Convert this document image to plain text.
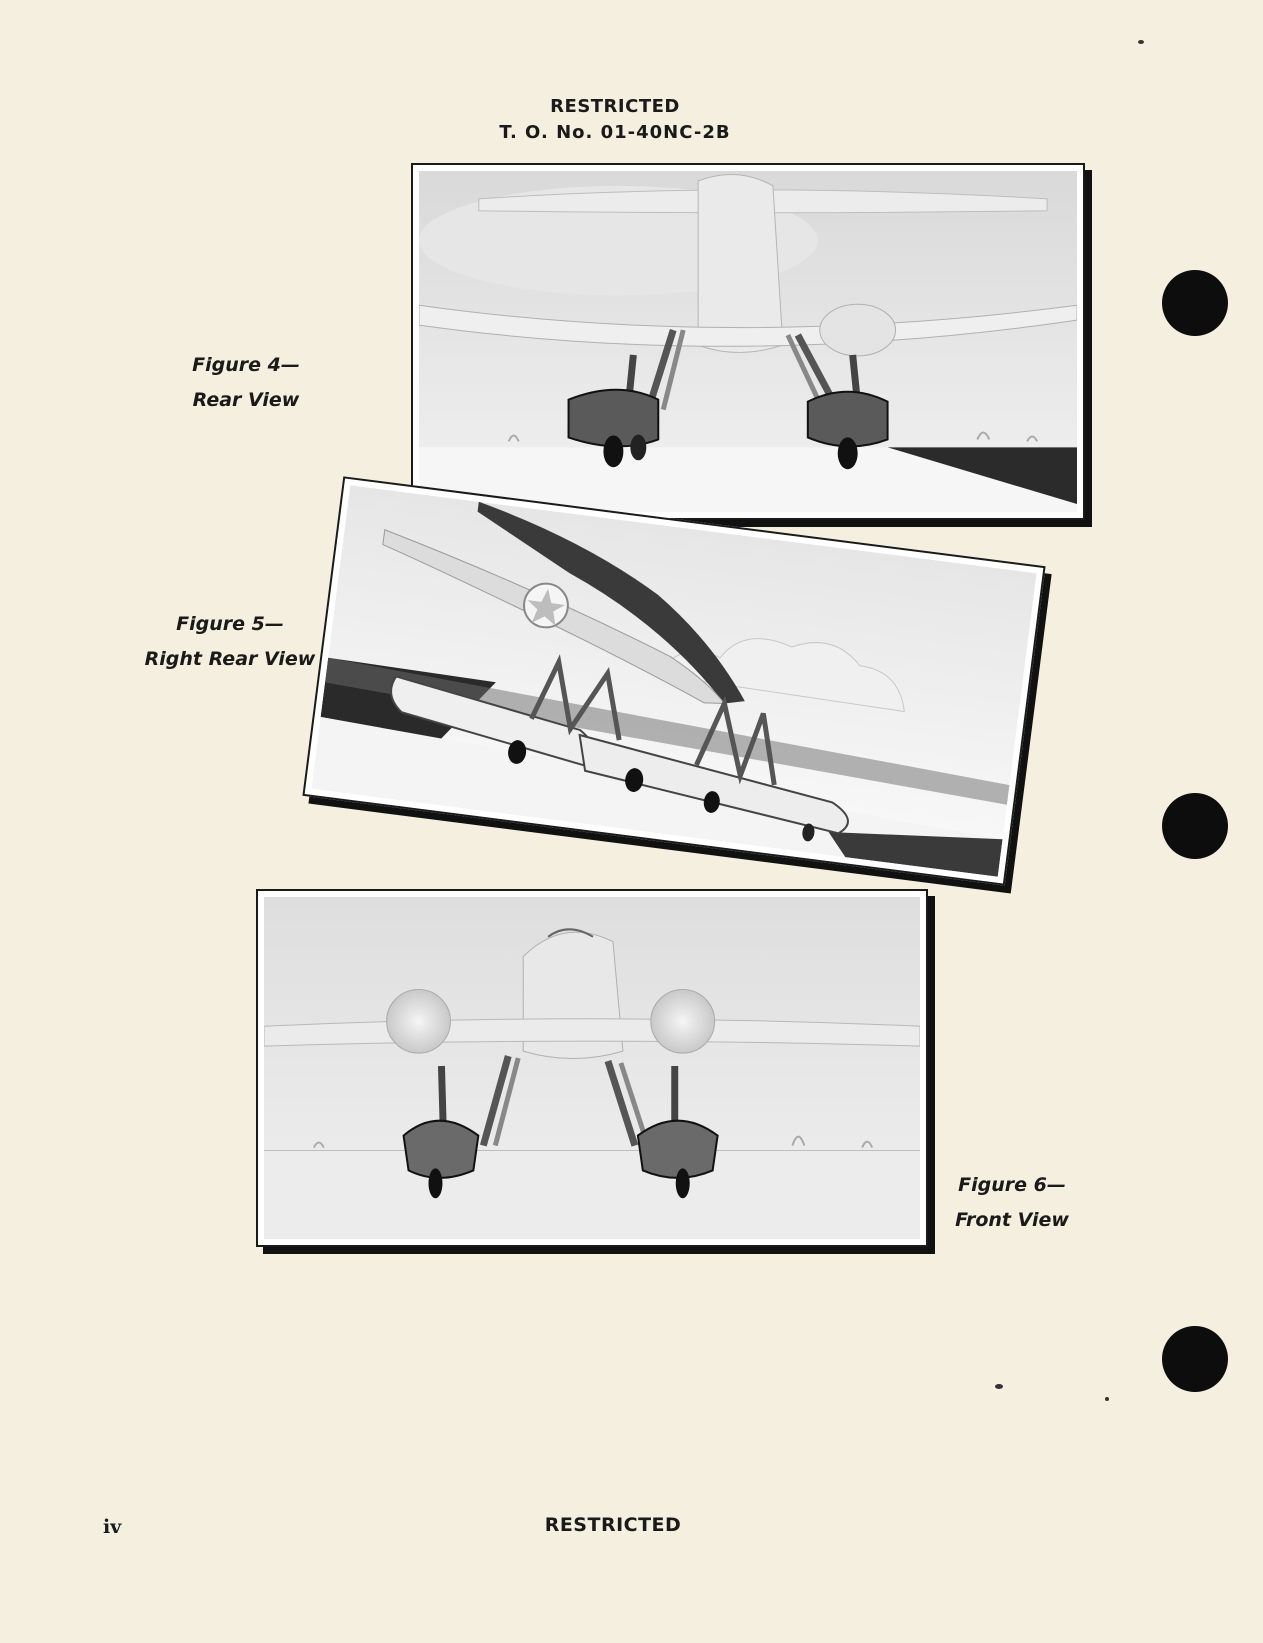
RESTRICTED
T. O. No. 01-40NC-2B
Figure 4—
Rear View
Figure 5—
Right Rear View
Figure 6—
Front View
iv	RESTRICTED
